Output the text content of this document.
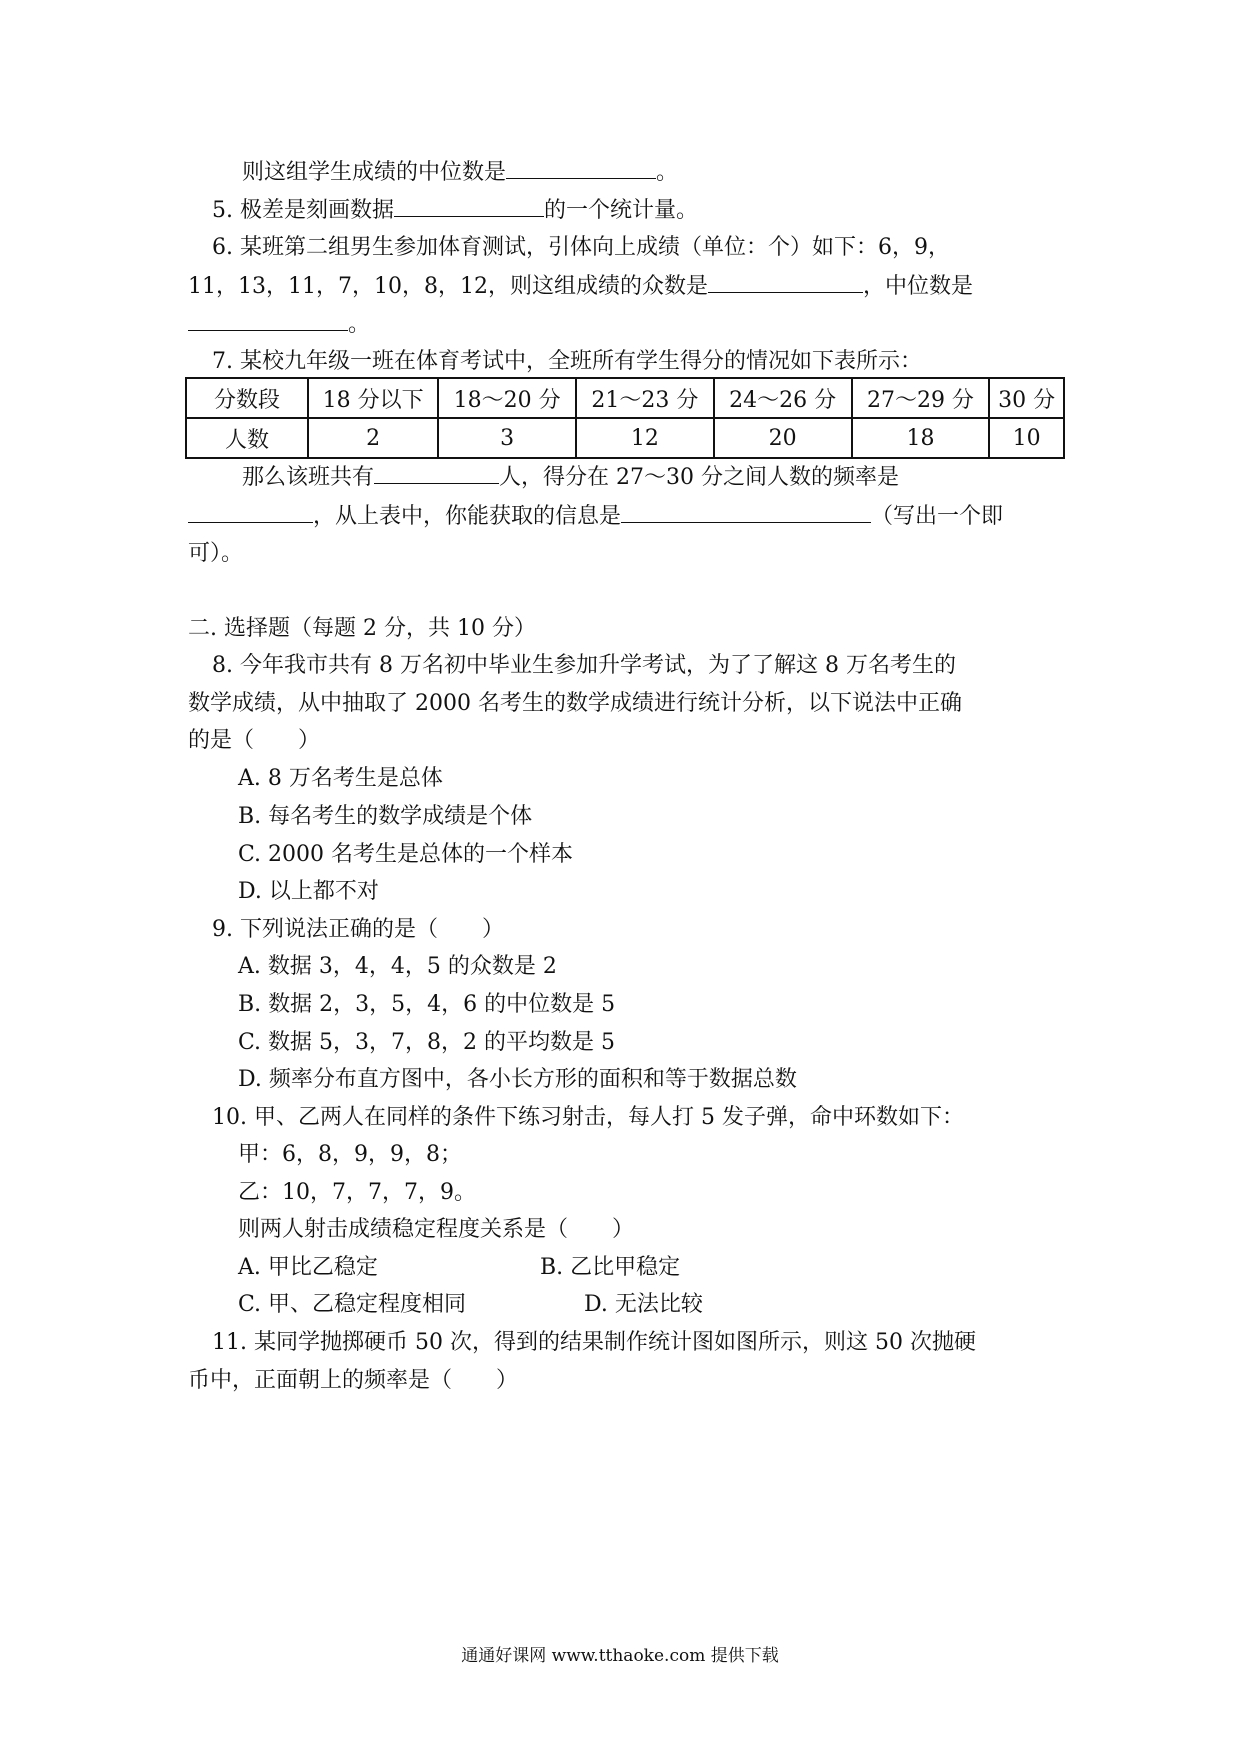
则这组学生成绩的中位数是	。
5. 极差是刻画数据	的一个统计量。
6. 某班第二组男生参加体育测试，引体向上成绩（单位：个）如下：6，9，
11，13，11，7，10，8，12，则这组成绩的众数是	，中位数是
。
7. 某校九年级一班在体育考试中，全班所有学生得分的情况如下表所示：
分数段	18 分以下	18～20 分	21～23 分	24～26 分	27～29 分	30 分
人数	2	3	12	20	18	10
那么该班共有	人，得分在 27～30 分之间人数的频率是
，从上表中，你能获取的信息是	（写出一个即
可）。
二. 选择题（每题 2 分，共 10 分）
8. 今年我市共有 8 万名初中毕业生参加升学考试，为了了解这 8 万名考生的
数学成绩，从中抽取了 2000 名考生的数学成绩进行统计分析，以下说法中正确
的是（　　）
A. 8 万名考生是总体
B. 每名考生的数学成绩是个体
C. 2000 名考生是总体的一个样本
D. 以上都不对
9. 下列说法正确的是（　　）
A. 数据 3，4，4，5 的众数是 2
B. 数据 2，3，5，4，6 的中位数是 5
C. 数据 5，3，7，8，2 的平均数是 5
D. 频率分布直方图中，各小长方形的面积和等于数据总数
10. 甲、乙两人在同样的条件下练习射击，每人打 5 发子弹，命中环数如下：
甲：6，8，9，9，8；
乙：10，7，7，7，9。
则两人射击成绩稳定程度关系是（　　）
A. 甲比乙稳定	B. 乙比甲稳定
C. 甲、乙稳定程度相同	D. 无法比较
11. 某同学抛掷硬币 50 次，得到的结果制作统计图如图所示，则这 50 次抛硬
币中，正面朝上的频率是（　　）
通通好课网 www.tthaoke.com 提供下载
